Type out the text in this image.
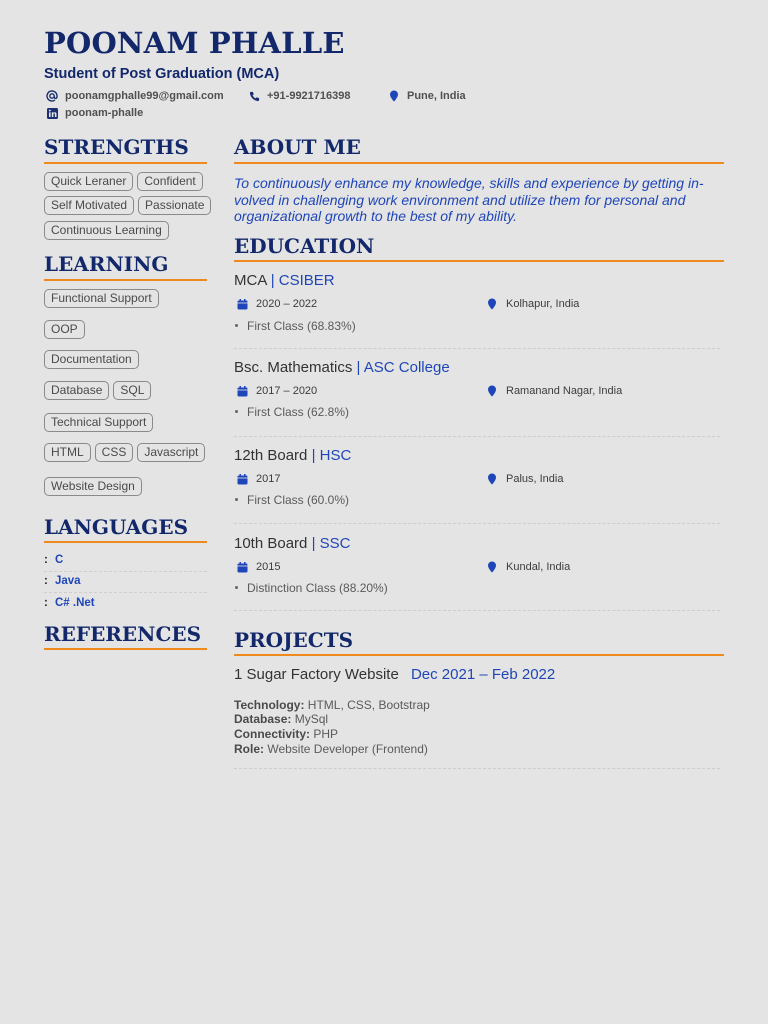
POONAM PHALLE
Student of Post Graduation (MCA)
poonamgphalle99@gmail.com	+91-9921716398	Pune, India
poonam-phalle
STRENGTHS
Quick Leraner	Confident
Self Motivated	Passionate
Continuous Learning
LEARNING
Functional Support
OOP
Documentation
Database	SQL
Technical Support
HTML	CSS	Javascript
Website Design
LANGUAGES
: C
: Java
: C# .Net
REFERENCES
ABOUT ME
To continuously enhance my knowledge, skills and experience by getting in-volved in challenging work environment and utilize them for personal and organizational growth to the best of my ability.
EDUCATION
MCA | CSIBER
2020 – 2022	Kolhapur, India
First Class (68.83%)
Bsc. Mathematics | ASC College
2017 – 2020	Ramanand Nagar, India
First Class (62.8%)
12th Board | HSC
2017	Palus, India
First Class (60.0%)
10th Board | SSC
2015	Kundal, India
Distinction Class (88.20%)
PROJECTS
1 Sugar Factory Website Dec 2021 – Feb 2022
Technology: HTML, CSS, Bootstrap
Database: MySql
Connectivity: PHP
Role: Website Developer (Frontend)
